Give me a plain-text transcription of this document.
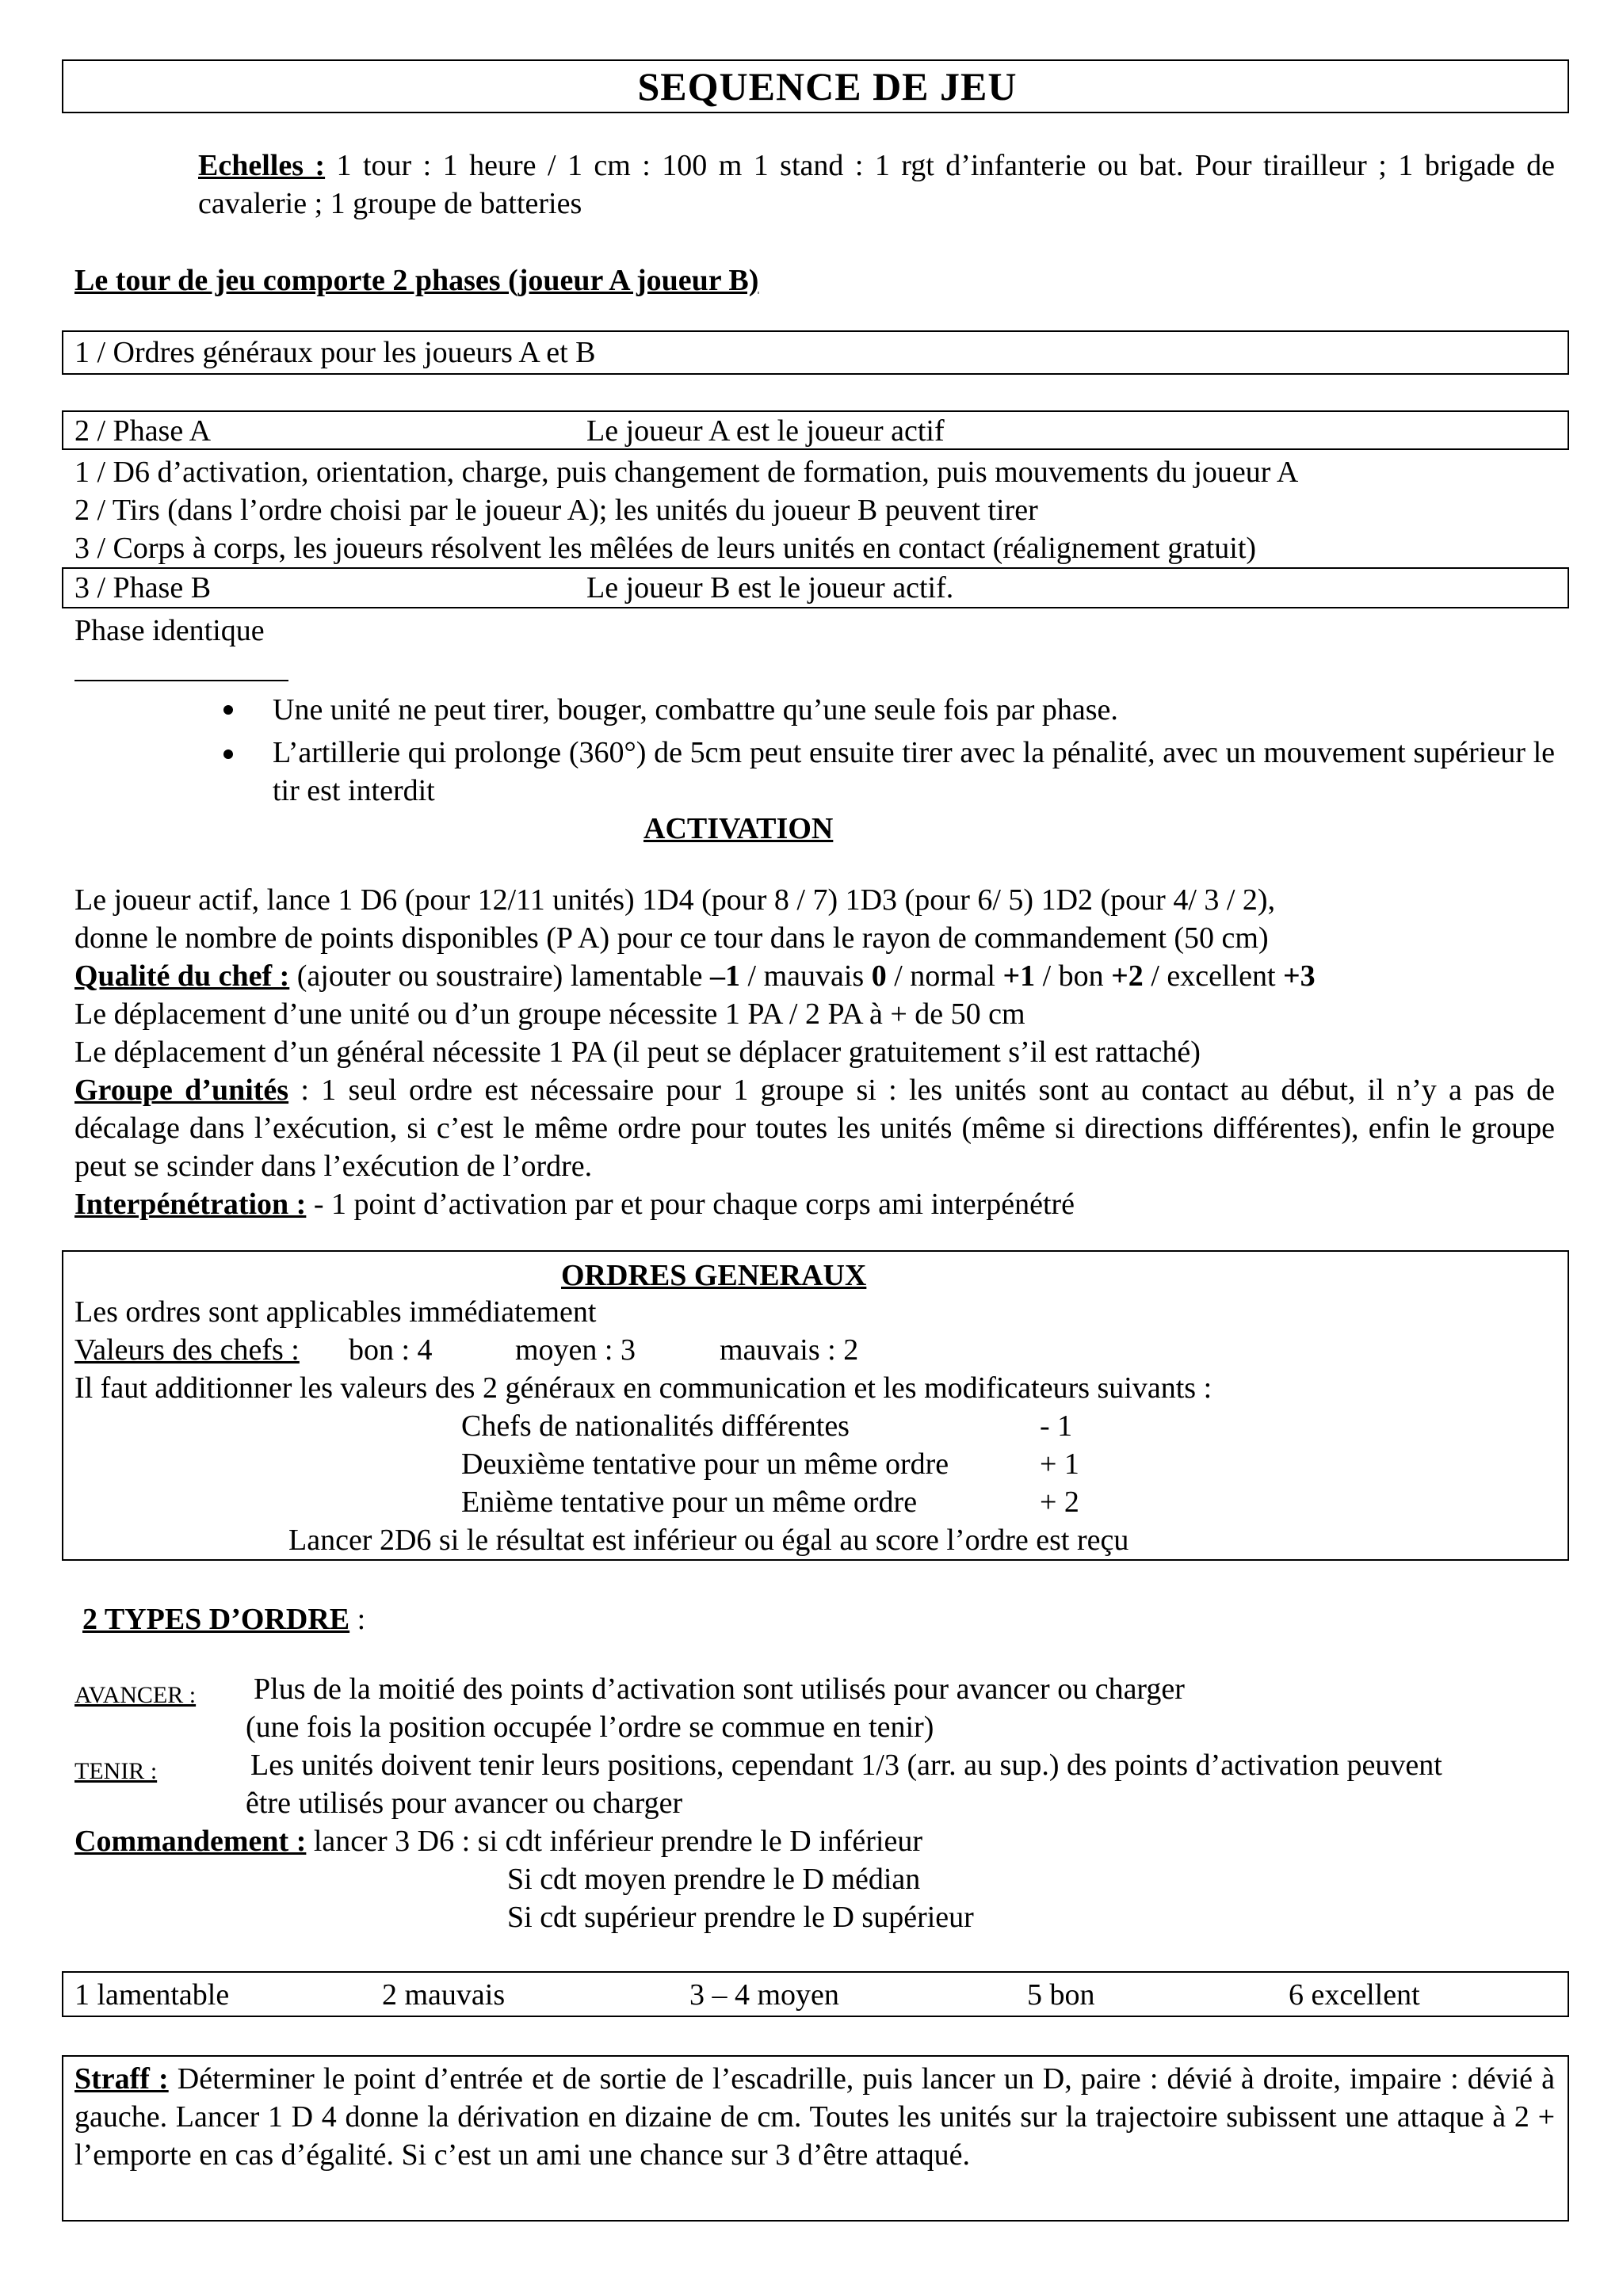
SEQUENCE DE JEU
Echelles : 1 tour : 1 heure / 1 cm : 100 m 1 stand : 1 rgt d’infanterie ou bat. Pour tirailleur ; 1 brigade de cavalerie ; 1 groupe de batteries
Le tour de jeu comporte 2 phases (joueur A joueur B)
1 / Ordres généraux pour les joueurs A et B
2 / Phase A	Le joueur A est le joueur actif
1 / D6 d’activation, orientation, charge, puis changement de formation, puis mouvements du joueur A
2 / Tirs (dans l’ordre choisi par le joueur A); les unités du joueur B peuvent tirer
3 / Corps à corps, les joueurs résolvent les mêlées de leurs unités en contact (réalignement gratuit)
3 / Phase B	Le joueur B est le joueur actif.
Phase identique
Une unité ne peut tirer, bouger, combattre qu’une seule fois par phase.
L’artillerie qui prolonge (360°) de 5cm peut ensuite tirer avec la pénalité, avec un mouvement supérieur le tir est interdit
ACTIVATION
Le joueur actif, lance 1 D6 (pour 12/11 unités) 1D4 (pour 8 / 7) 1D3 (pour 6/ 5) 1D2 (pour 4/ 3 / 2),
donne le nombre de points disponibles (P A) pour ce tour dans le rayon de commandement (50 cm)
Qualité du chef : (ajouter ou soustraire) lamentable –1 / mauvais 0 / normal +1 / bon +2 / excellent +3
Le déplacement d’une unité ou d’un groupe nécessite 1 PA / 2 PA à + de 50 cm
Le déplacement d’un général nécessite 1 PA (il peut se déplacer gratuitement s’il est rattaché)
Groupe d’unités : 1 seul ordre est nécessaire pour 1 groupe si : les unités sont au contact au début, il n’y a pas de décalage dans l’exécution, si c’est le même ordre pour toutes les unités (même si directions différentes), enfin le groupe peut se scinder dans l’exécution de l’ordre.
Interpénétration : - 1 point d’activation par et pour chaque corps ami interpénétré
ORDRES GENERAUX
Les ordres sont applicables immédiatement
Valeurs des chefs : bon : 4	moyen : 3	mauvais : 2
Il faut additionner les valeurs des 2 généraux en communication et les modificateurs suivants :
Chefs de nationalités différentes	- 1
Deuxième tentative pour un même ordre	+ 1
Enième tentative pour un même ordre	+ 2
Lancer 2D6 si le résultat est inférieur ou égal au score l’ordre est reçu
2 TYPES D’ORDRE :
AVANCER : Plus de la moitié des points d’activation sont utilisés pour avancer ou charger
(une fois la position occupée l’ordre se commue en tenir)
TENIR :	Les unités doivent tenir leurs positions, cependant 1/3 (arr. au sup.) des points d’activation peuvent
être utilisés pour avancer ou charger
Commandement : lancer 3 D6 : si cdt inférieur prendre le D inférieur
Si cdt moyen prendre le D médian
Si cdt supérieur prendre le D supérieur
1 lamentable	2 mauvais	3 – 4 moyen	5 bon	6 excellent
Straff : Déterminer le point d’entrée et de sortie de l’escadrille, puis lancer un D, paire : dévié à droite, impaire : dévié à gauche. Lancer 1 D 4 donne la dérivation en dizaine de cm. Toutes les unités sur la trajectoire subissent une attaque à 2 + l’emporte en cas d’égalité. Si c’est un ami une chance sur 3 d’être attaqué.
